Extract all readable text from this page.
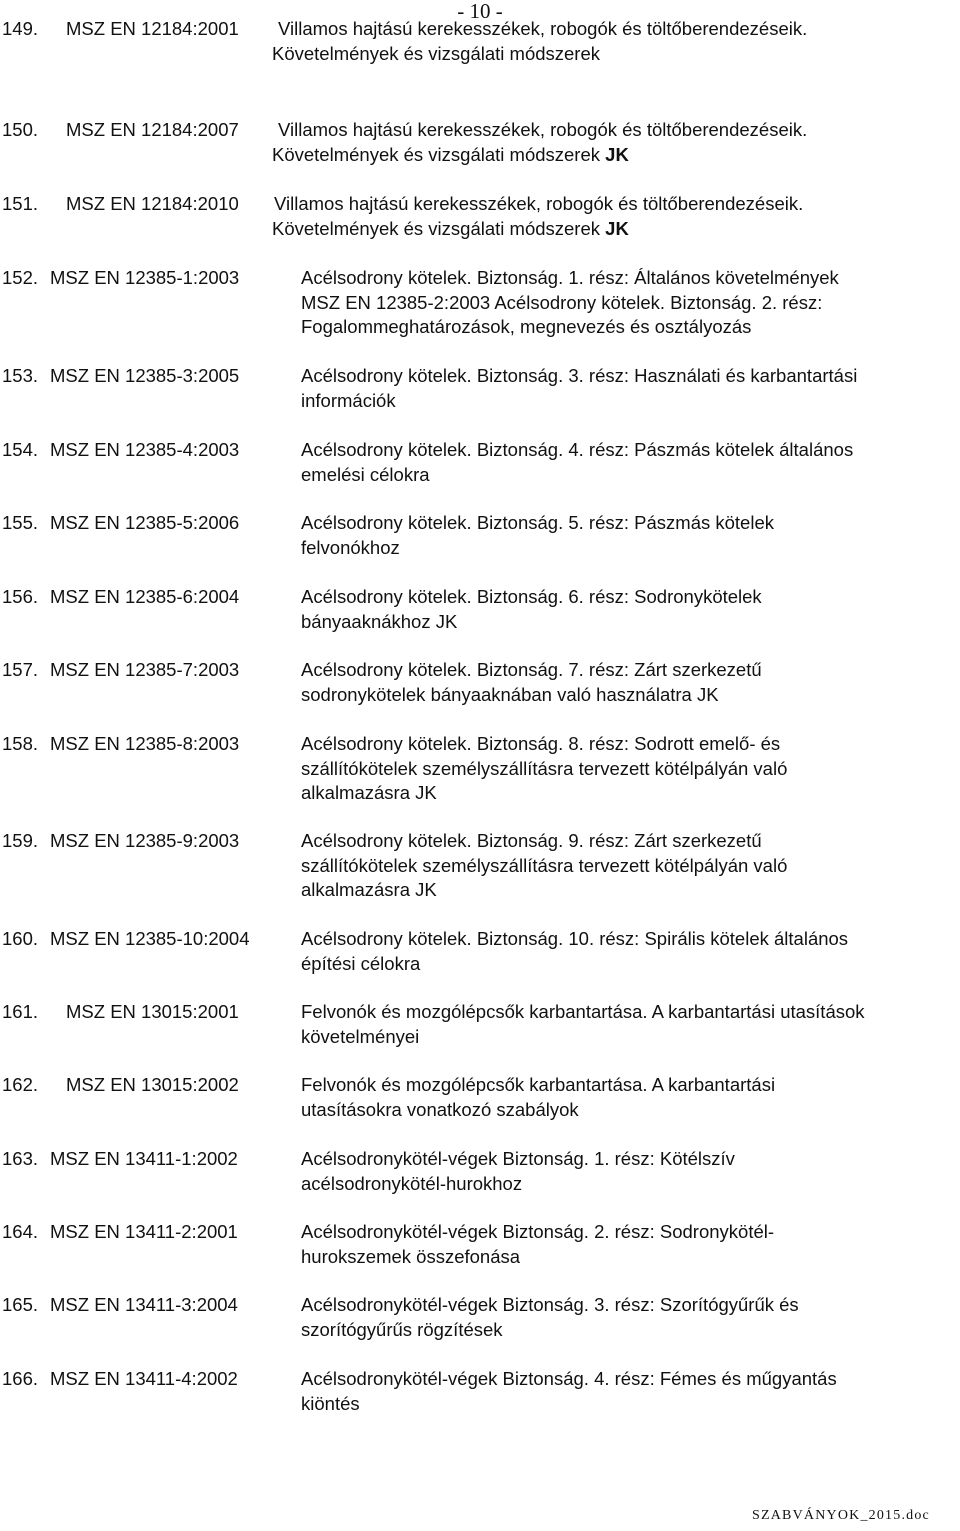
- 10 -
149. MSZ EN 12184:2001 Villamos hajtású kerekesszékek, robogók és töltőberendezéseik.
Követelmények és vizsgálati módszerek
150. MSZ EN 12184:2007 Villamos hajtású kerekesszékek, robogók és töltőberendezéseik.
Követelmények és vizsgálati módszerek JK
151. MSZ EN 12184:2010 Villamos hajtású kerekesszékek, robogók és töltőberendezéseik.
Követelmények és vizsgálati módszerek JK
152. MSZ EN 12385-1:2003	Acélsodrony kötelek. Biztonság. 1. rész: Általános követelmények
MSZ EN 12385-2:2003 Acélsodrony kötelek. Biztonság. 2. rész:
Fogalommeghatározások, megnevezés és osztályozás
153. MSZ EN 12385-3:2005	Acélsodrony kötelek. Biztonság. 3. rész: Használati és karbantartási
információk
154. MSZ EN 12385-4:2003	Acélsodrony kötelek. Biztonság. 4. rész: Pászmás kötelek általános
emelési célokra
155. MSZ EN 12385-5:2006	Acélsodrony kötelek. Biztonság. 5. rész: Pászmás kötelek
felvonókhoz
156. MSZ EN 12385-6:2004	Acélsodrony kötelek. Biztonság. 6. rész: Sodronykötelek
bányaaknákhoz JK
157. MSZ EN 12385-7:2003	Acélsodrony kötelek. Biztonság. 7. rész: Zárt szerkezetű
sodronykötelek bányaaknában való használatra JK
158. MSZ EN 12385-8:2003	Acélsodrony kötelek. Biztonság. 8. rész: Sodrott emelő- és
szállítókötelek személyszállításra tervezett kötélpályán való
alkalmazásra JK
159. MSZ EN 12385-9:2003	Acélsodrony kötelek. Biztonság. 9. rész: Zárt szerkezetű
szállítókötelek személyszállításra tervezett kötélpályán való
alkalmazásra JK
160. MSZ EN 12385-10:2004	Acélsodrony kötelek. Biztonság. 10. rész: Spirális kötelek általános
építési célokra
161. MSZ EN 13015:2001	Felvonók és mozgólépcsők karbantartása. A karbantartási utasítások
követelményei
162. MSZ EN 13015:2002	Felvonók és mozgólépcsők karbantartása. A karbantartási
utasításokra vonatkozó szabályok
163. MSZ EN 13411-1:2002	Acélsodronykötél-végek Biztonság. 1. rész: Kötélszív
acélsodronykötél-hurokhoz
164. MSZ EN 13411-2:2001	Acélsodronykötél-végek Biztonság. 2. rész: Sodronykötél-
hurokszemek összefonása
165. MSZ EN 13411-3:2004	Acélsodronykötél-végek Biztonság. 3. rész: Szorítógyűrűk és
szorítógyűrűs rögzítések
166. MSZ EN 13411-4:2002	Acélsodronykötél-végek Biztonság. 4. rész: Fémes és műgyantás
kiöntés
SZABVÁNYOK_2015.doc
